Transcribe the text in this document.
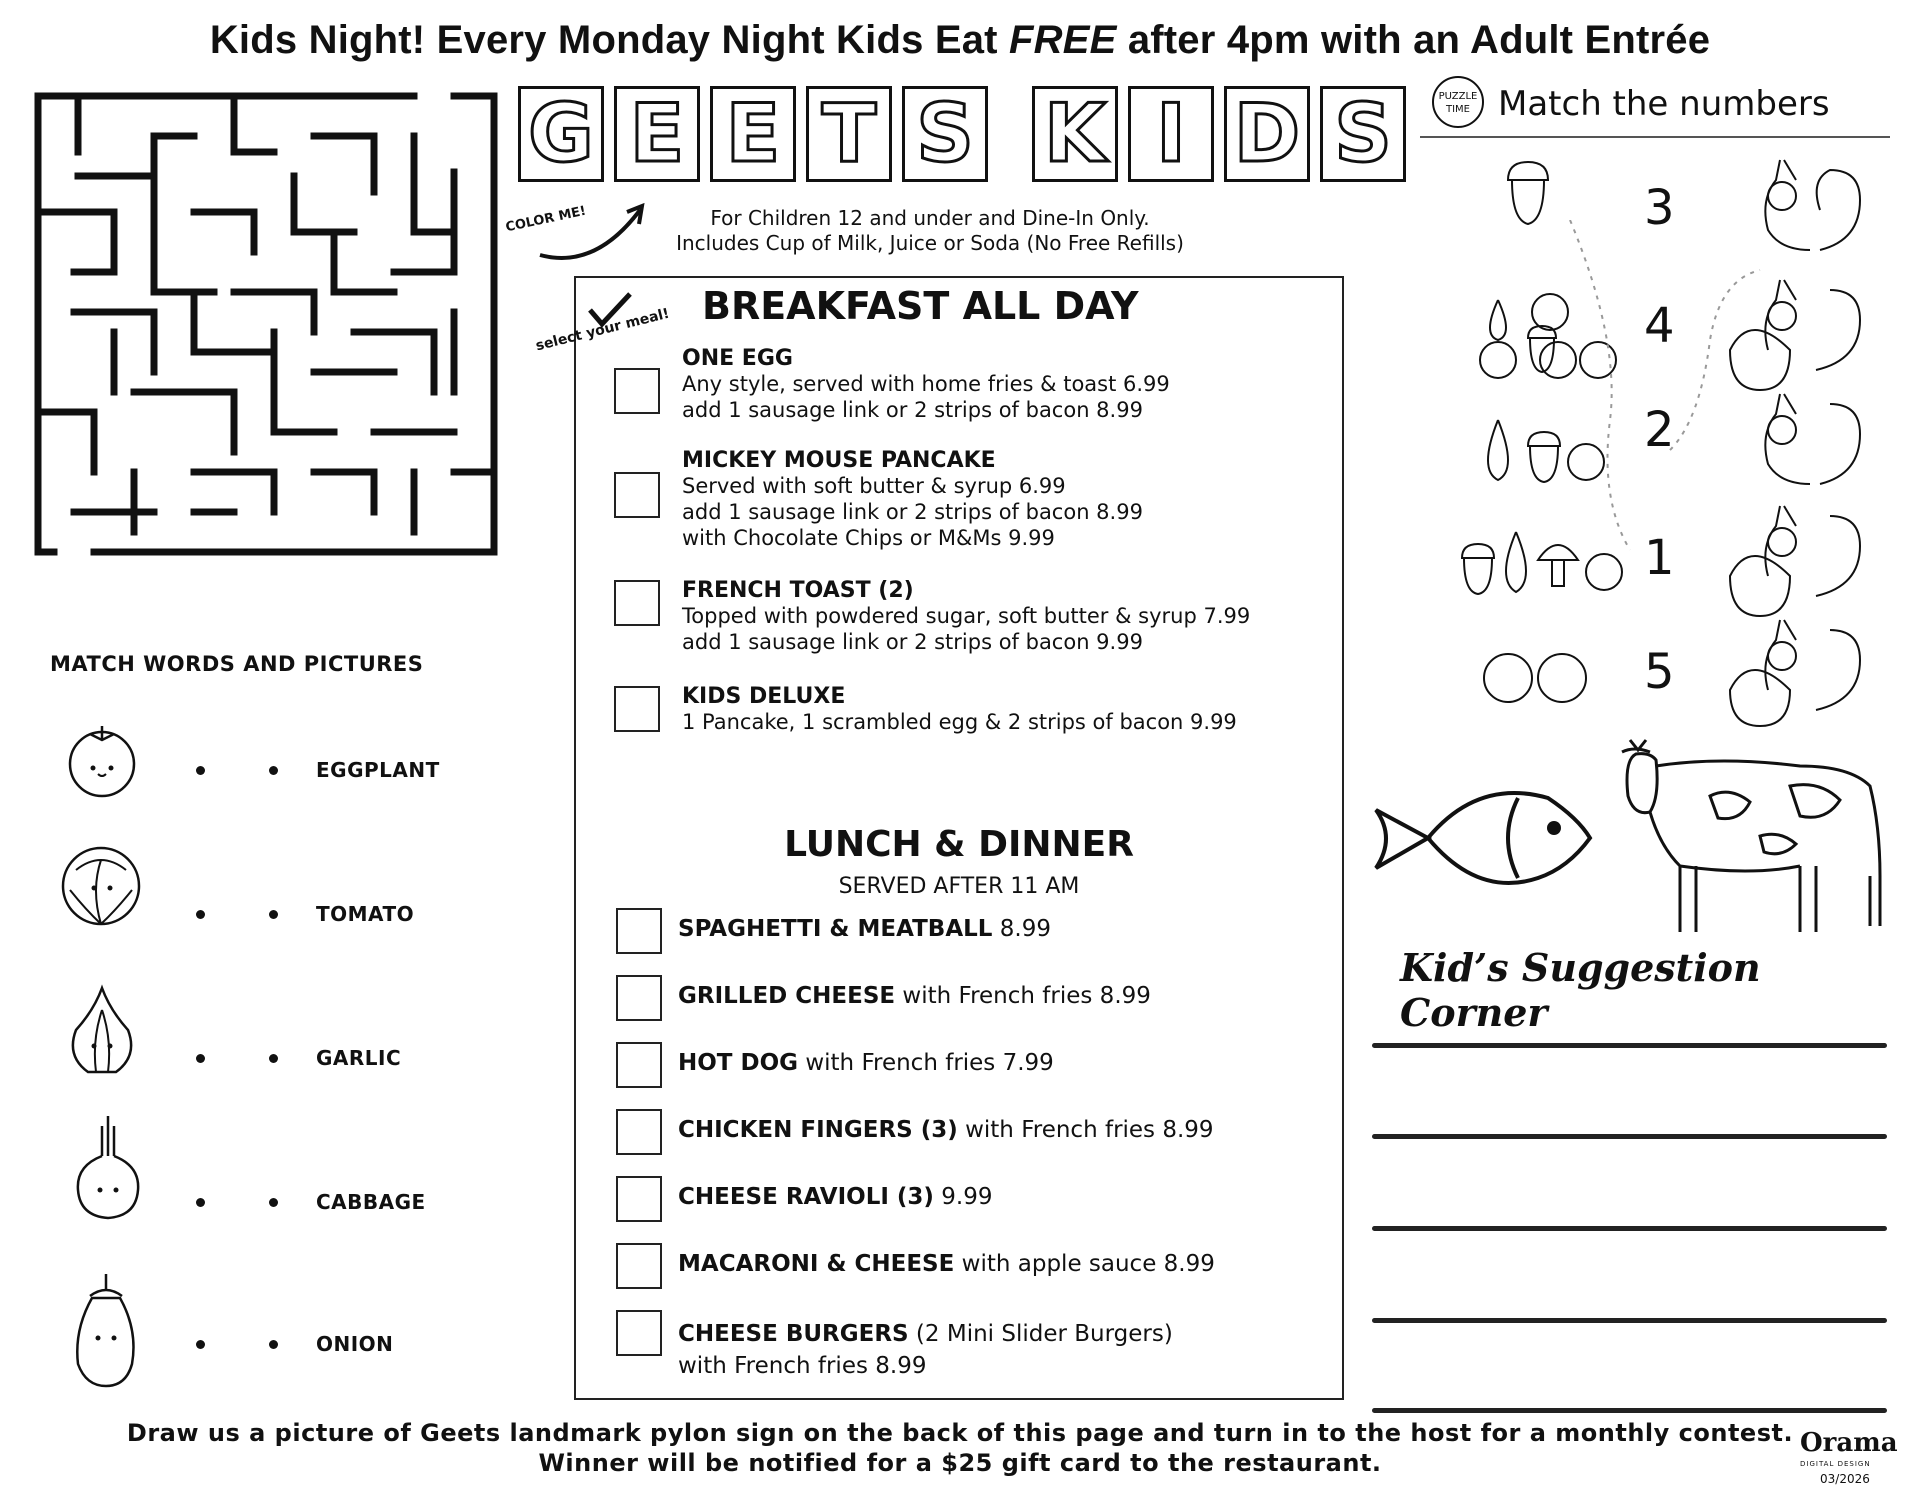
Kids Night! Every Monday Night Kids Eat FREE after 4pm with an Adult Entrée
G E E T S K I D S
COLOR ME!	For Children 12 and under and Dine-In Only.
Includes Cup of Milk, Juice or Soda (No Free Refills)
select your meal! BREAKFAST ALL DAY
ONE EGG
Any style, served with home fries & toast 6.99
add 1 sausage link or 2 strips of bacon 8.99
MICKEY MOUSE PANCAKE
Served with soft butter & syrup 6.99
add 1 sausage link or 2 strips of bacon 8.99
with Chocolate Chips or M&Ms 9.99
FRENCH TOAST (2)
Topped with powdered sugar, soft butter & syrup 7.99
add 1 sausage link or 2 strips of bacon 9.99
KIDS DELUXE
1 Pancake, 1 scrambled egg & 2 strips of bacon 9.99
LUNCH & DINNER
SERVED AFTER 11 AM
SPAGHETTI & MEATBALL 8.99
GRILLED CHEESE with French fries 8.99
HOT DOG with French fries 7.99
CHICKEN FINGERS (3) with French fries 8.99
CHEESE RAVIOLI (3) 9.99
MACARONI & CHEESE with apple sauce 8.99
CHEESE BURGERS (2 Mini Slider Burgers)
with French fries 8.99
MATCH WORDS AND PICTURES
EGGPLANT
TOMATO
GARLIC
CABBAGE
ONION
PUZZLE
TIME Match the numbers
3
4
2
1
5
Kid’s Suggestion Corner
Draw us a picture of Geets landmark pylon sign on the back of this page and turn in to the host for a monthly contest.
Winner will be notified for a $25 gift card to the restaurant.
Orama
DIGITAL DESIGN
03/2026
